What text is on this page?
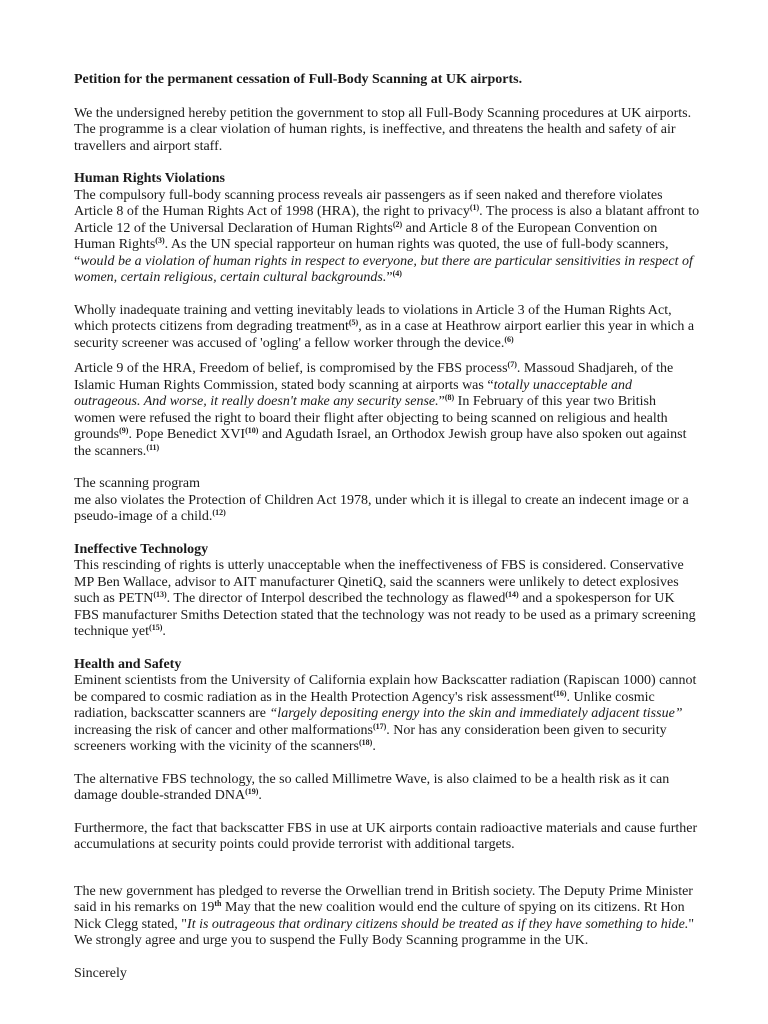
Petition for the permanent cessation of Full-Body Scanning at UK airports.

We the undersigned hereby petition the government to stop all Full-Body Scanning procedures at UK airports. The programme is a clear violation of human rights, is ineffective, and threatens the health and safety of air travellers and airport staff.

Human Rights Violations

The compulsory full-body scanning process reveals air passengers as if seen naked and therefore violates Article 8 of the Human Rights Act of 1998 (HRA), the right to privacy$^{(1)}$. The process is also a blatant affront to Article 12 of the Universal Declaration of Human Rights$^{(2)}$ and Article 8 of the European Convention on Human Rights$^{(3)}$. As the UN special rapporteur on human rights was quoted, the use of full-body scanners, “would be a violation of human rights in respect to everyone, but there are particular sensitivities in respect of women, certain religious, certain cultural backgrounds.”$^{(4)}$

Wholly inadequate training and vetting inevitably leads to violations in Article 3 of the Human Rights Act, which protects citizens from degrading treatment$^{(5)}$, as in a case at Heathrow airport earlier this year in which a security screener was accused of 'ogling' a fellow worker through the device.$^{(6)}$

Article 9 of the HRA, Freedom of belief, is compromised by the FBS process$^{(7)}$. Massoud Shadjareh, of the Islamic Human Rights Commission, stated body scanning at airports was “totally unacceptable and outrageous. And worse, it really doesn't make any security sense.”$^{(8)}$ In February of this year two British women were refused the right to board their flight after objecting to being scanned on religious and health grounds$^{(9)}$. Pope Benedict XVI$^{(10)}$ and Agudath Israel, an Orthodox Jewish group have also spoken out against the scanners.$^{(11)}$

The scanning program
me also violates the Protection of Children Act 1978, under which it is illegal to create an indecent image or a pseudo-image of a child.$^{(12)}$

Ineffective Technology

This rescinding of rights is utterly unacceptable when the ineffectiveness of FBS is considered. Conservative MP Ben Wallace, advisor to AIT manufacturer QinetiQ, said the scanners were unlikely to detect explosives such as PETN$^{(13)}$. The director of Interpol described the technology as flawed$^{(14)}$ and a spokesperson for UK FBS manufacturer Smiths Detection stated that the technology was not ready to be used as a primary screening technique yet$^{(15)}$.

Health and Safety

Eminent scientists from the University of California explain how Backscatter radiation (Rapiscan 1000) cannot be compared to cosmic radiation as in the Health Protection Agency's risk assessment$^{(16)}$. Unlike cosmic radiation, backscatter scanners are “largely depositing energy into the skin and immediately adjacent tissue” increasing the risk of cancer and other malformations$^{(17)}$. Nor has any consideration been given to security screeners working with the vicinity of the scanners$^{(18)}$.

The alternative FBS technology, the so called Millimetre Wave, is also claimed to be a health risk as it can damage double-stranded DNA$^{(19)}$.

Furthermore, the fact that backscatter FBS in use at UK airports contain radioactive materials and cause further accumulations at security points could provide terrorist with additional targets.

The new government has pledged to reverse the Orwellian trend in British society. The Deputy Prime Minister said in his remarks on 19th May that the new coalition would end the culture of spying on its citizens. Rt Hon Nick Clegg stated, "It is outrageous that ordinary citizens should be treated as if they have something to hide." We strongly agree and urge you to suspend the Fully Body Scanning programme in the UK.

Sincerely
